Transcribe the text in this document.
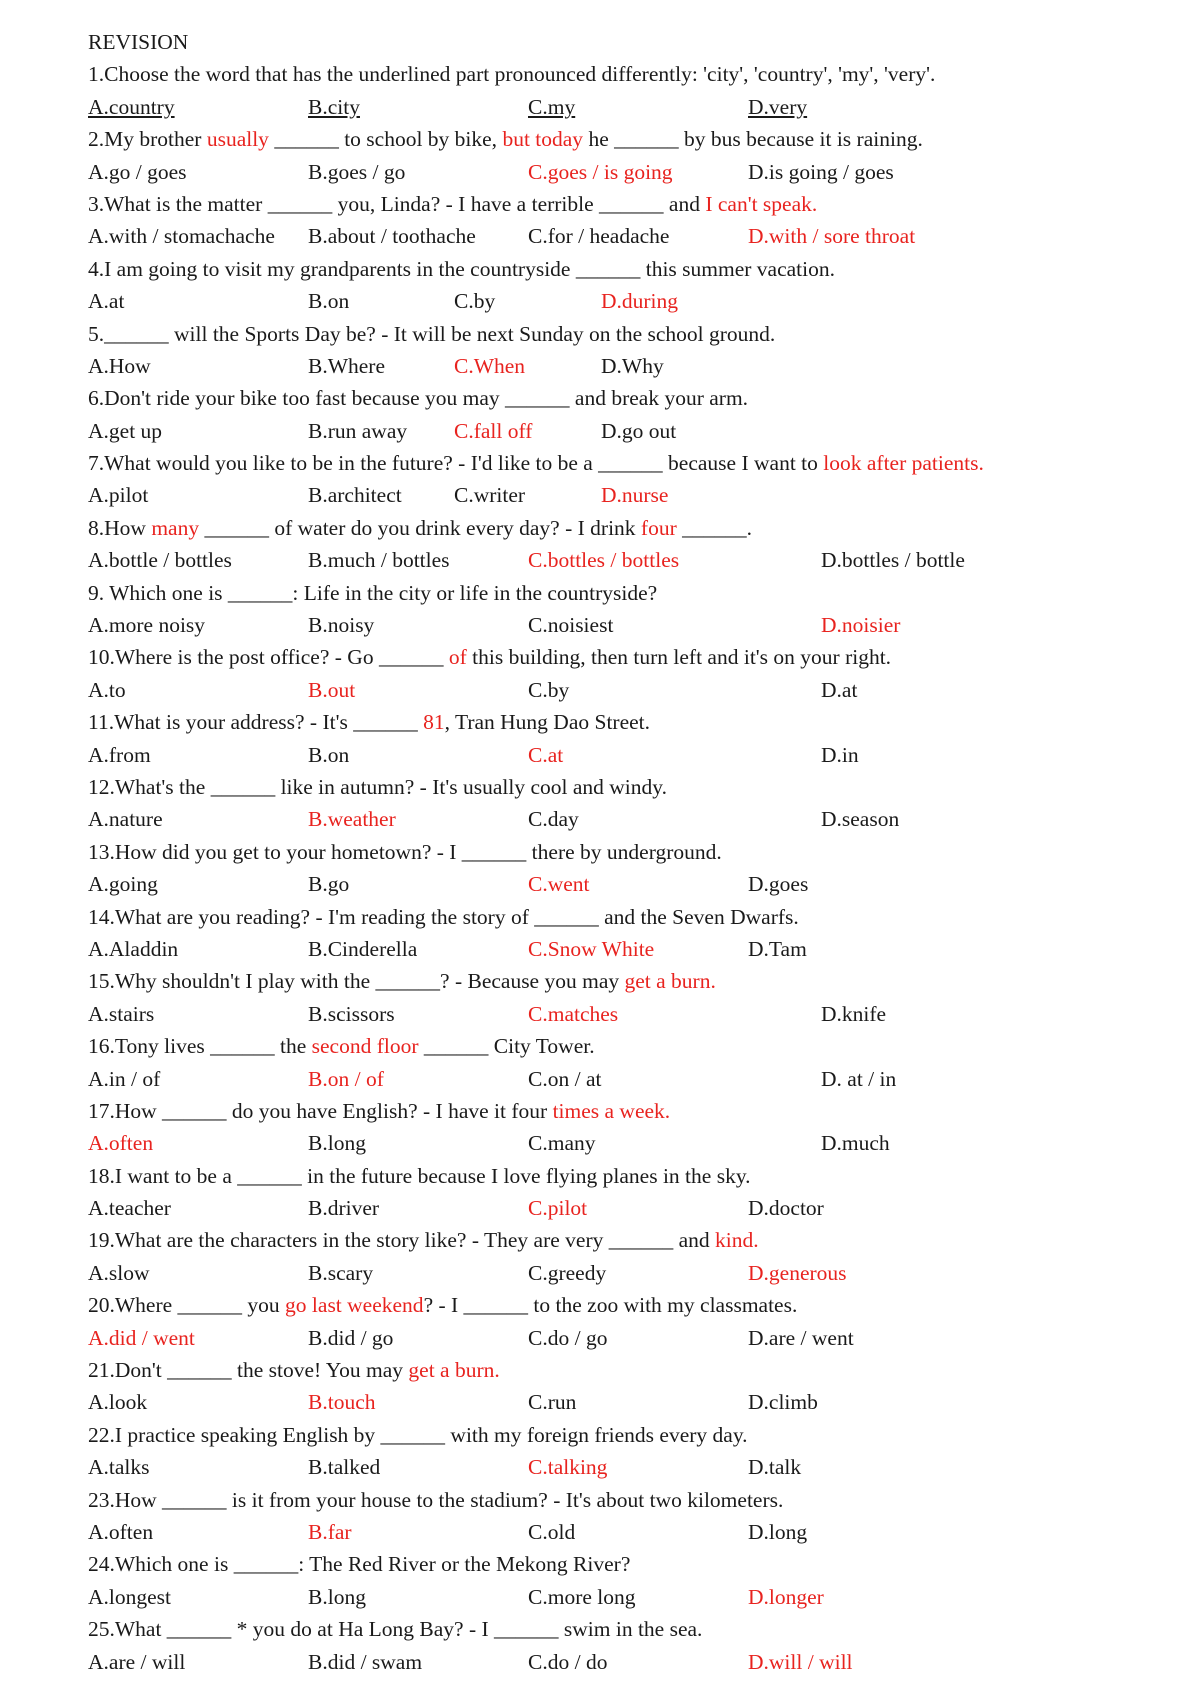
REVISION
1.Choose the word that has the underlined part pronounced differently: 'city', 'country', 'my', 'very'.
A.country	B.city	C.my	D.very
2.My brother usually ______ to school by bike, but today he ______ by bus because it is raining.
A.go / goes	B.goes / go	C.goes / is going	D.is going / goes
3.What is the matter ______ you, Linda? - I have a terrible ______ and I can't speak.
A.with / stomachache B.about / toothache C.for / headache	D.with / sore throat
4.I am going to visit my grandparents in the countryside ______ this summer vacation.
A.at	B.on	C.by	D.during
5.______ will the Sports Day be? - It will be next Sunday on the school ground.
A.How	B.Where	C.When	D.Why
6.Don't ride your bike too fast because you may ______ and break your arm.
A.get up	B.run away C.fall off	D.go out
7.What would you like to be in the future? - I'd like to be a ______ because I want to look after patients.
A.pilot	B.architect C.writer	D.nurse
8.How many ______ of water do you drink every day? - I drink four ______.
A.bottle / bottles	B.much / bottles	C.bottles / bottles	D.bottles / bottle
9. Which one is ______: Life in the city or life in the countryside?
A.more noisy	B.noisy	C.noisiest	D.noisier
10.Where is the post office? - Go ______ of this building, then turn left and it's on your right.
A.to	B.out	C.by	D.at
11.What is your address? - It's ______ 81, Tran Hung Dao Street.
A.from	B.on	C.at	D.in
12.What's the ______ like in autumn? - It's usually cool and windy.
A.nature	B.weather	C.day	D.season
13.How did you get to your hometown? - I ______ there by underground.
A.going	B.go	C.went	D.goes
14.What are you reading? - I'm reading the story of ______ and the Seven Dwarfs.
A.Aladdin	B.Cinderella	C.Snow White	D.Tam
15.Why shouldn't I play with the ______? - Because you may get a burn.
A.stairs	B.scissors	C.matches	D.knife
16.Tony lives ______ the second floor ______ City Tower.
A.in / of	B.on / of	C.on / at	D. at / in
17.How ______ do you have English? - I have it four times a week.
A.often	B.long	C.many	D.much
18.I want to be a ______ in the future because I love flying planes in the sky.
A.teacher	B.driver	C.pilot	D.doctor
19.What are the characters in the story like? - They are very ______ and kind.
A.slow	B.scary	C.greedy	D.generous
20.Where ______ you go last weekend? - I ______ to the zoo with my classmates.
A.did / went	B.did / go	C.do / go	D.are / went
21.Don't ______ the stove! You may get a burn.
A.look	B.touch	C.run	D.climb
22.I practice speaking English by ______ with my foreign friends every day.
A.talks	B.talked	C.talking	D.talk
23.How ______ is it from your house to the stadium? - It's about two kilometers.
A.often	B.far	C.old	D.long
24.Which one is ______: The Red River or the Mekong River?
A.longest	B.long	C.more long	D.longer
25.What ______ * you do at Ha Long Bay? - I ______ swim in the sea.
A.are / will	B.did / swam	C.do / do	D.will / will
